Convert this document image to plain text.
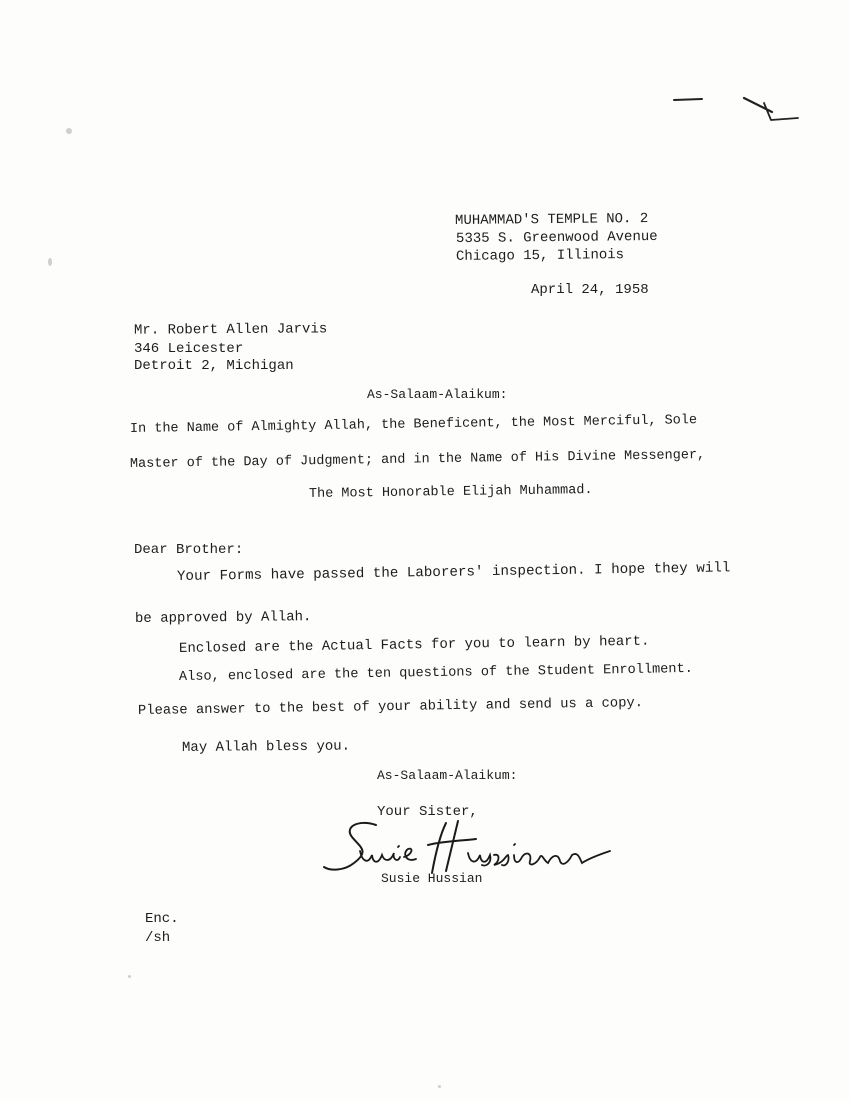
MUHAMMAD'S TEMPLE NO. 2
5335 S. Greenwood Avenue
Chicago 15, Illinois
April 24, 1958
Mr. Robert Allen Jarvis
346 Leicester
Detroit 2, Michigan
As-Salaam-Alaikum:
In the Name of Almighty Allah, the Beneficent, the Most Merciful, Sole
Master of the Day of Judgment; and in the Name of His Divine Messenger,
The Most Honorable Elijah Muhammad.
Dear Brother:
Your Forms have passed the Laborers' inspection. I hope they will
be approved by Allah.
Enclosed are the Actual Facts for you to learn by heart.
Also, enclosed are the ten questions of the Student Enrollment.
Please answer to the best of your ability and send us a copy.
May Allah bless you.
As-Salaam-Alaikum:
Your Sister,
Susie Hussian
Enc.
/sh
